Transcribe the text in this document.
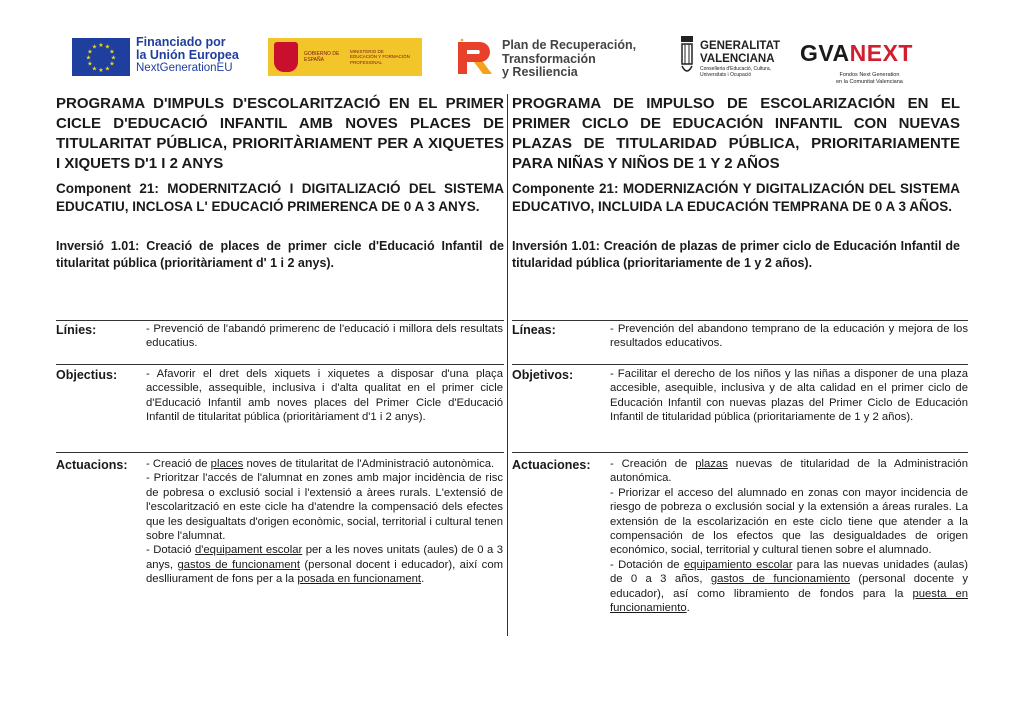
★ ★
★
★
★
★
★
★
★
★
★
★	Financiado por
la Unión Europea
NextGenerationEU
GOBIERNO DE ESPAÑA
MINISTERIO DE EDUCACIÓN Y FORMACIÓN PROFESIONAL
Plan de Recuperación,
Transformación
y Resiliencia
GENERALITAT
VALENCIANA
Conselleria d'Educació, Cultura, Universitats i Ocupació
GVANEXT
Fondos Next Generation
en la Comunitat Valenciana
PROGRAMA D'IMPULS D'ESCOLARITZACIÓ EN EL PRIMER CICLE D'EDUCACIÓ INFANTIL AMB NOVES PLACES DE TITULARITAT PÚBLICA, PRIORITÀRIAMENT PER A XIQUETES I XIQUETS D'1 I 2 ANYS
Component 21: MODERNITZACIÓ I DIGITALIZACIÓ DEL SISTEMA EDUCATIU, INCLOSA L' EDUCACIÓ PRIMERENCA DE 0 A 3 ANYS.
Inversió 1.01: Creació de places de primer cicle d'Educació Infantil de titularitat pública (prioritàriament d' 1 i 2 anys).
PROGRAMA DE IMPULSO DE ESCOLARIZACIÓN EN EL PRIMER CICLO DE EDUCACIÓN INFANTIL CON NUEVAS PLAZAS DE TITULARIDAD PÚBLICA, PRIORITARIAMENTE PARA NIÑAS Y NIÑOS DE 1 Y 2 AÑOS
Componente 21: MODERNIZACIÓN Y DIGITALIZACIÓN DEL SISTEMA EDUCATIVO, INCLUIDA LA EDUCACIÓN TEMPRANA DE 0 A 3 AÑOS.
Inversión 1.01: Creación de plazas de primer ciclo de Educación Infantil de titularidad pública (prioritariamente de 1 y 2 años).
Línies:	- Prevenció de l'abandó primerenc de l'educació i millora dels resultats educatius.
Objectius:	- Afavorir el dret dels xiquets i xiquetes a disposar d'una plaça accessible, assequible, inclusiva i d'alta qualitat en el primer cicle d'Educació Infantil amb noves places del Primer Cicle d'Educació Infantil de titularitat pública (prioritàriament d'1 i 2 anys).
Actuacions: - Creació de places noves de titularitat de l'Administració autonòmica.
- Prioritzar l'accés de l'alumnat en zones amb major incidència de risc de pobresa o exclusió social i l'extensió a àrees rurals. L'extensió de l'escolarització en este cicle ha d'atendre la compensació dels efectes que les desigualtats d'origen econòmic, social, territorial i cultural tenen sobre l'alumnat.
- Dotació d'equipament escolar per a les noves unitats (aules) de 0 a 3 anys, gastos de funcionament (personal docent i educador), així com deslliurament de fons per a la posada en funcionament.
Líneas:	- Prevención del abandono temprano de la educación y mejora de los resultados educativos.
Objetivos:	- Facilitar el derecho de los niños y las niñas a disponer de una plaza accesible, asequible, inclusiva y de alta calidad en el primer ciclo de Educación Infantil con nuevas plazas del Primer Ciclo de Educación Infantil de titularidad pública (prioritariamente de 1 y 2 años).
Actuaciones: - Creación de plazas nuevas de titularidad de la Administración autonómica.
- Priorizar el acceso del alumnado en zonas con mayor incidencia de riesgo de pobreza o exclusión social y la extensión a áreas rurales. La extensión de la escolarización en este ciclo tiene que atender a la compensación de los efectos que las desigualdades de origen económico, social, territorial y cultural tienen sobre el alumnado.
- Dotación de equipamiento escolar para las nuevas unidades (aulas) de 0 a 3 años, gastos de funcionamiento (personal docente y educador), así como libramiento de fondos para la puesta en funcionamiento.
